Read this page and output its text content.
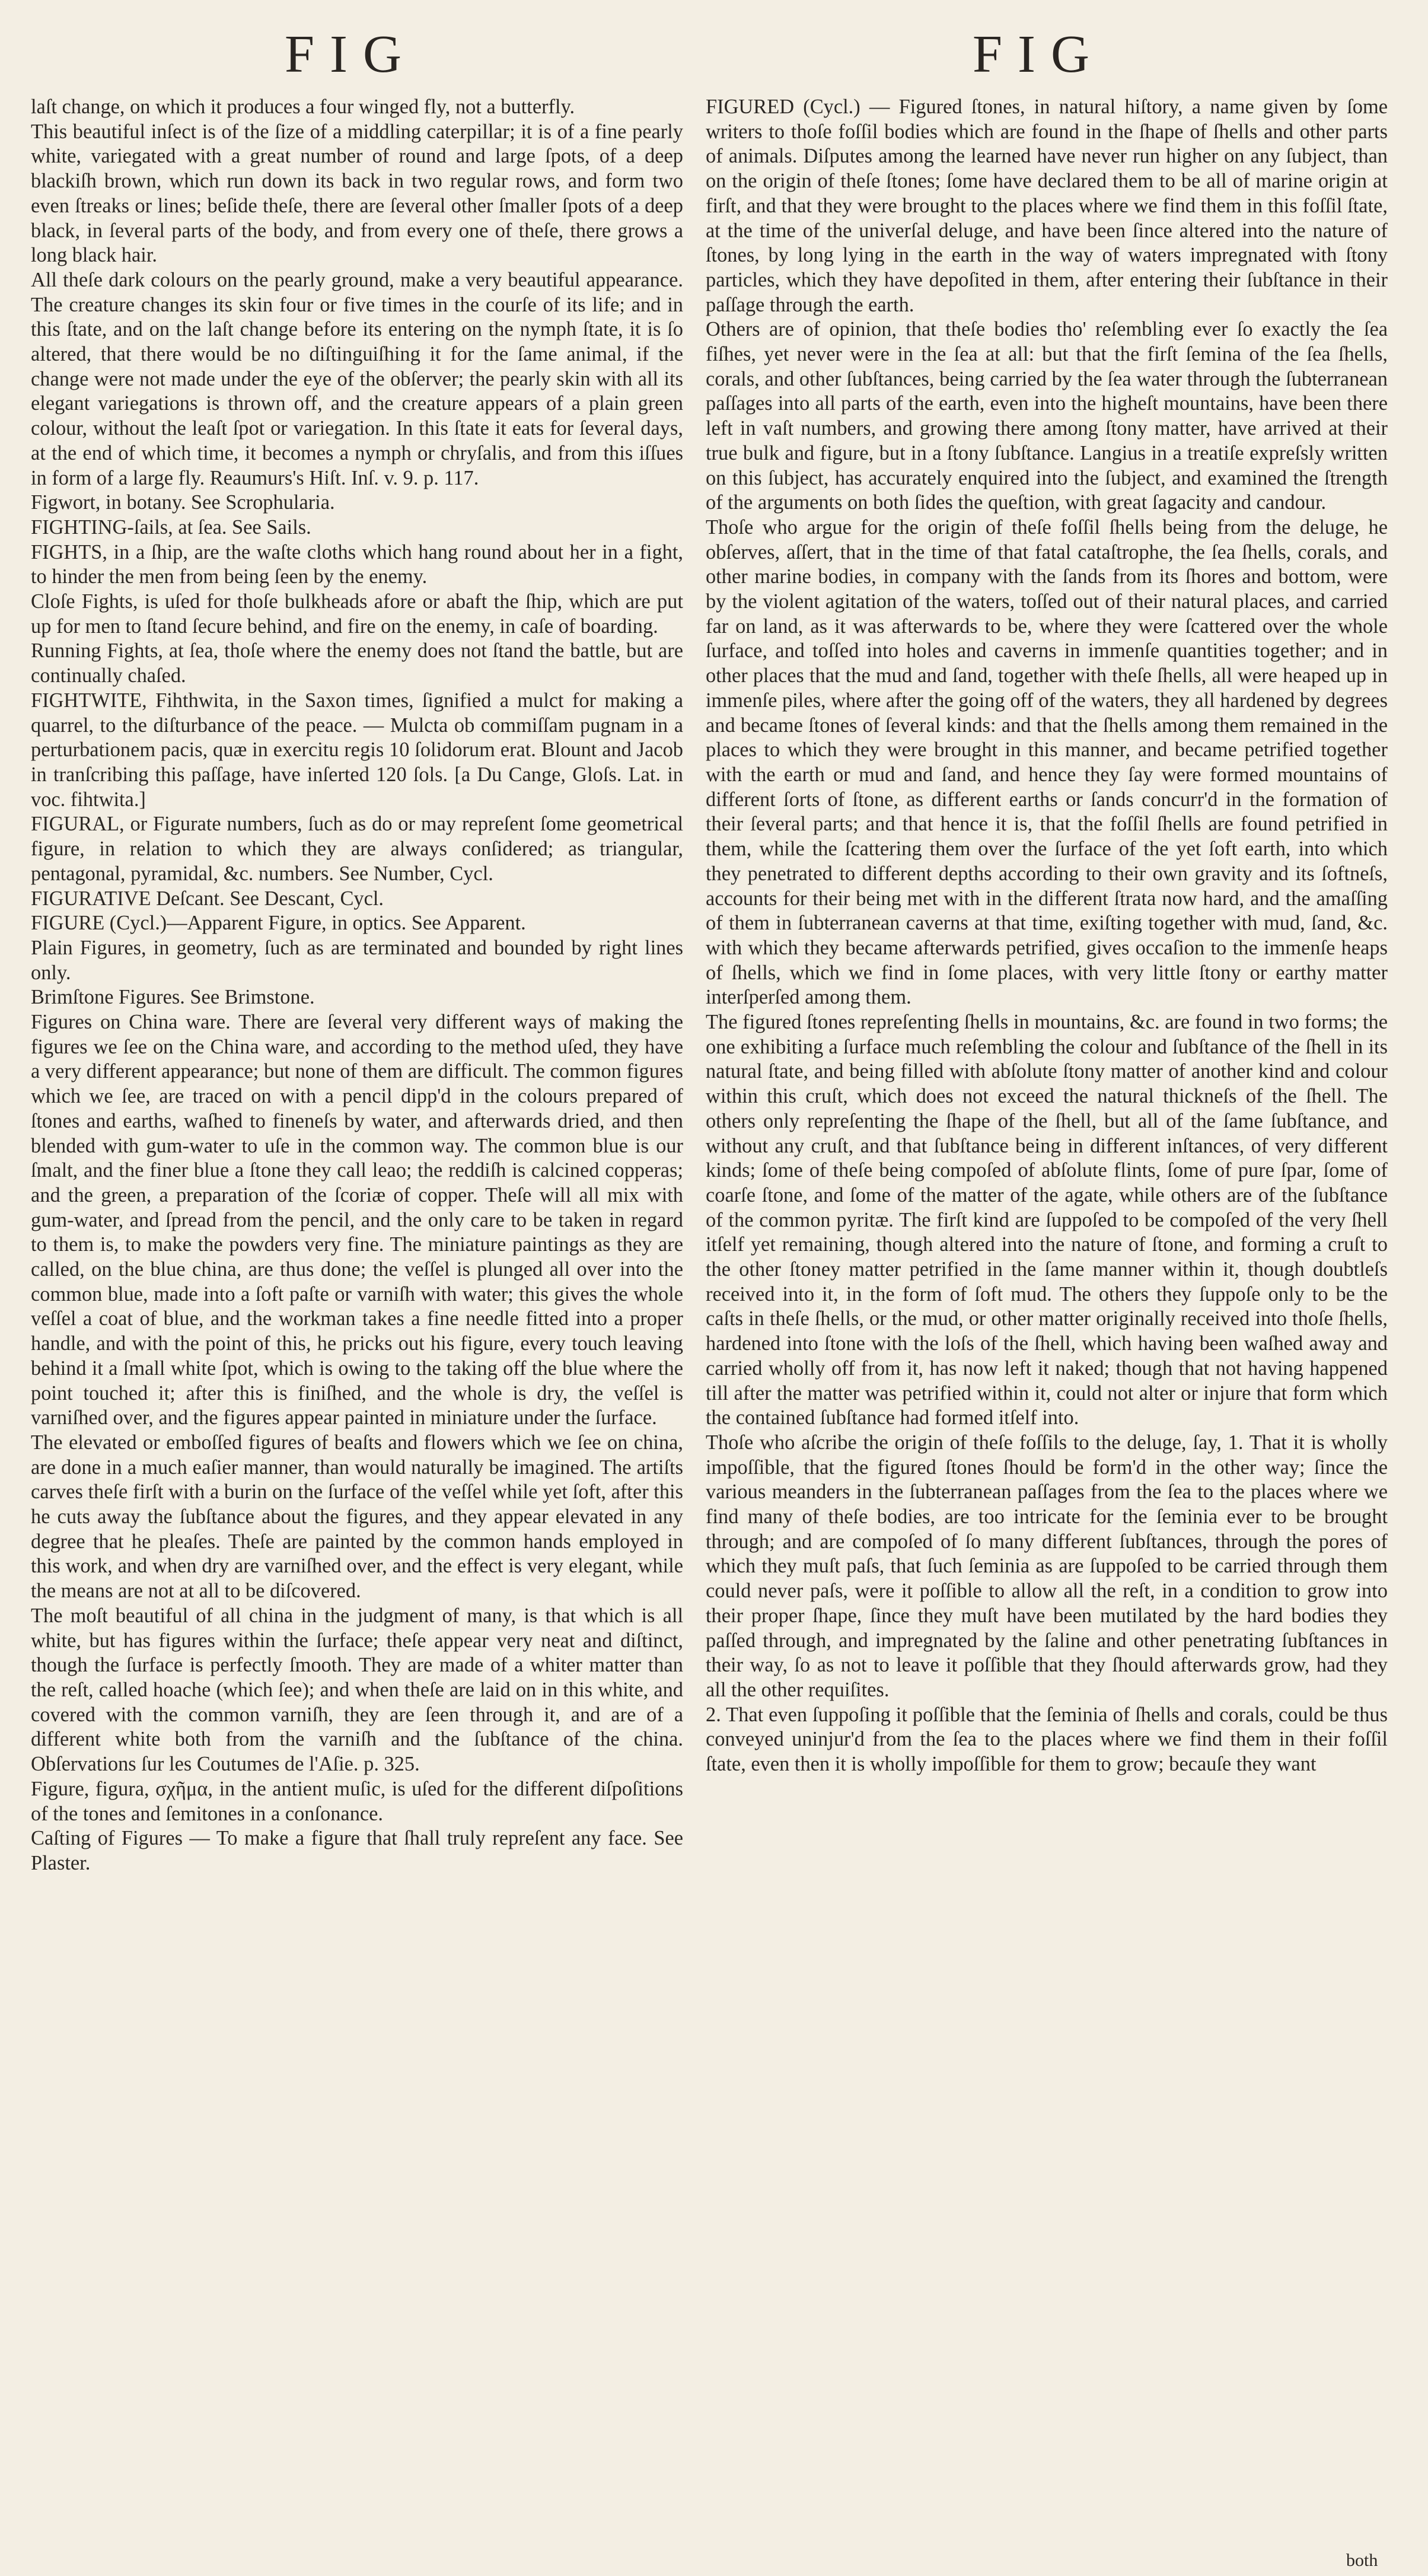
FIG	FIG

laſt change, on which it produces a four winged fly, not a butterfly.

This beautiful inſect is of the ſize of a middling caterpillar; it is of a fine pearly white, variegated with a great number of round and large ſpots, of a deep blackiſh brown, which run down its back in two regular rows, and form two even ſtreaks or lines; beſide theſe, there are ſeveral other ſmaller ſpots of a deep black, in ſeveral parts of the body, and from every one of theſe, there grows a long black hair.

All theſe dark colours on the pearly ground, make a very beautiful appearance. The creature changes its skin four or five times in the courſe of its life; and in this ſtate, and on the laſt change before its entering on the nymph ſtate, it is ſo altered, that there would be no diſtinguiſhing it for the ſame animal, if the change were not made under the eye of the obſerver; the pearly skin with all its elegant variegations is thrown off, and the creature appears of a plain green colour, without the leaſt ſpot or variegation. In this ſtate it eats for ſeveral days, at the end of which time, it becomes a nymph or chryſalis, and from this iſſues in form of a large fly. Reaumurs's Hiſt. Inſ. v. 9. p. 117.

Figwort, in botany. See Scrophularia.

FIGHTING-ſails, at ſea. See Sails.

FIGHTS, in a ſhip, are the waſte cloths which hang round about her in a fight, to hinder the men from being ſeen by the enemy.

Cloſe Fights, is uſed for thoſe bulkheads afore or abaft the ſhip, which are put up for men to ſtand ſecure behind, and fire on the enemy, in caſe of boarding.

Running Fights, at ſea, thoſe where the enemy does not ſtand the battle, but are continually chaſed.

FIGHTWITE, Fihthwita, in the Saxon times, ſignified a mulct for making a quarrel, to the diſturbance of the peace. — Mulcta ob commiſſam pugnam in a perturbationem pacis, quæ in exercitu regis 10 ſolidorum erat. Blount and Jacob in tranſcribing this paſſage, have inſerted 120 ſols. [a Du Cange, Gloſs. Lat. in voc. fihtwita.]

FIGURAL, or Figurate numbers, ſuch as do or may repreſent ſome geometrical figure, in relation to which they are always conſidered; as triangular, pentagonal, pyramidal, &c. numbers. See Number, Cycl.

FIGURATIVE Deſcant. See Descant, Cycl.

FIGURE (Cycl.)—Apparent Figure, in optics. See Apparent.

Plain Figures, in geometry, ſuch as are terminated and bounded by right lines only.

Brimſtone Figures. See Brimstone.

Figures on China ware. There are ſeveral very different ways of making the figures we ſee on the China ware, and according to the method uſed, they have a very different appearance; but none of them are difficult. The common figures which we ſee, are traced on with a pencil dipp'd in the colours prepared of ſtones and earths, waſhed to fineneſs by water, and afterwards dried, and then blended with gum-water to uſe in the common way. The common blue is our ſmalt, and the finer blue a ſtone they call leao; the reddiſh is calcined copperas; and the green, a preparation of the ſcoriæ of copper. Theſe will all mix with gum-water, and ſpread from the pencil, and the only care to be taken in regard to them is, to make the powders very fine. The miniature paintings as they are called, on the blue china, are thus done; the veſſel is plunged all over into the common blue, made into a ſoft paſte or varniſh with water; this gives the whole veſſel a coat of blue, and the workman takes a fine needle fitted into a proper handle, and with the point of this, he pricks out his figure, every touch leaving behind it a ſmall white ſpot, which is owing to the taking off the blue where the point touched it; after this is finiſhed, and the whole is dry, the veſſel is varniſhed over, and the figures appear painted in miniature under the ſurface.

The elevated or emboſſed figures of beaſts and flowers which we ſee on china, are done in a much eaſier manner, than would naturally be imagined. The artiſts carves theſe firſt with a burin on the ſurface of the veſſel while yet ſoft, after this he cuts away the ſubſtance about the figures, and they appear elevated in any degree that he pleaſes. Theſe are painted by the common hands employed in this work, and when dry are varniſhed over, and the effect is very elegant, while the means are not at all to be diſcovered.

The moſt beautiful of all china in the judgment of many, is that which is all white, but has figures within the ſurface; theſe appear very neat and diſtinct, though the ſurface is perfectly ſmooth. They are made of a whiter matter than the reſt, called hoache (which ſee); and when theſe are laid on in this white, and covered with the common varniſh, they are ſeen through it, and are of a different white both from the varniſh and the ſubſtance of the china. Obſervations ſur les Coutumes de l'Aſie. p. 325.

Figure, figura, σχῆμα, in the antient muſic, is uſed for the different diſpoſitions of the tones and ſemitones in a conſonance.

Caſting of Figures — To make a figure that ſhall truly repreſent any face. See Plaster.

FIGURED (Cycl.) — Figured ſtones, in natural hiſtory, a name given by ſome writers to thoſe foſſil bodies which are found in the ſhape of ſhells and other parts of animals. Diſputes among the learned have never run higher on any ſubject, than on the origin of theſe ſtones; ſome have declared them to be all of marine origin at firſt, and that they were brought to the places where we find them in this foſſil ſtate, at the time of the univerſal deluge, and have been ſince altered into the nature of ſtones, by long lying in the earth in the way of waters impregnated with ſtony particles, which they have depoſited in them, after entering their ſubſtance in their paſſage through the earth.

Others are of opinion, that theſe bodies tho' reſembling ever ſo exactly the ſea fiſhes, yet never were in the ſea at all: but that the firſt ſemina of the ſea ſhells, corals, and other ſubſtances, being carried by the ſea water through the ſubterranean paſſages into all parts of the earth, even into the higheſt mountains, have been there left in vaſt numbers, and growing there among ſtony matter, have arrived at their true bulk and figure, but in a ſtony ſubſtance. Langius in a treatiſe expreſsly written on this ſubject, has accurately enquired into the ſubject, and examined the ſtrength of the arguments on both ſides the queſtion, with great ſagacity and candour.

Thoſe who argue for the origin of theſe foſſil ſhells being from the deluge, he obſerves, aſſert, that in the time of that fatal cataſtrophe, the ſea ſhells, corals, and other marine bodies, in company with the ſands from its ſhores and bottom, were by the violent agitation of the waters, toſſed out of their natural places, and carried far on land, as it was afterwards to be, where they were ſcattered over the whole ſurface, and toſſed into holes and caverns in immenſe quantities together; and in other places that the mud and ſand, together with theſe ſhells, all were heaped up in immenſe piles, where after the going off of the waters, they all hardened by degrees and became ſtones of ſeveral kinds: and that the ſhells among them remained in the places to which they were brought in this manner, and became petrified together with the earth or mud and ſand, and hence they ſay were formed mountains of different ſorts of ſtone, as different earths or ſands concurr'd in the formation of their ſeveral parts; and that hence it is, that the foſſil ſhells are found petrified in them, while the ſcattering them over the ſurface of the yet ſoft earth, into which they penetrated to different depths according to their own gravity and its ſoftneſs, accounts for their being met with in the different ſtrata now hard, and the amaſſing of them in ſubterranean caverns at that time, exiſting together with mud, ſand, &c. with which they became afterwards petrified, gives occaſion to the immenſe heaps of ſhells, which we find in ſome places, with very little ſtony or earthy matter interſperſed among them.

The figured ſtones repreſenting ſhells in mountains, &c. are found in two forms; the one exhibiting a ſurface much reſembling the colour and ſubſtance of the ſhell in its natural ſtate, and being filled with abſolute ſtony matter of another kind and colour within this cruſt, which does not exceed the natural thickneſs of the ſhell. The others only repreſenting the ſhape of the ſhell, but all of the ſame ſubſtance, and without any cruſt, and that ſubſtance being in different inſtances, of very different kinds; ſome of theſe being compoſed of abſolute flints, ſome of pure ſpar, ſome of coarſe ſtone, and ſome of the matter of the agate, while others are of the ſubſtance of the common pyritæ. The firſt kind are ſuppoſed to be compoſed of the very ſhell itſelf yet remaining, though altered into the nature of ſtone, and forming a cruſt to the other ſtoney matter petrified in the ſame manner within it, though doubtleſs received into it, in the form of ſoft mud. The others they ſuppoſe only to be the caſts in theſe ſhells, or the mud, or other matter originally received into thoſe ſhells, hardened into ſtone with the loſs of the ſhell, which having been waſhed away and carried wholly off from it, has now left it naked; though that not having happened till after the matter was petrified within it, could not alter or injure that form which the contained ſubſtance had formed itſelf into.

Thoſe who aſcribe the origin of theſe foſſils to the deluge, ſay, 1. That it is wholly impoſſible, that the figured ſtones ſhould be form'd in the other way; ſince the various meanders in the ſubterranean paſſages from the ſea to the places where we find many of theſe bodies, are too intricate for the ſeminia ever to be brought through; and are compoſed of ſo many different ſubſtances, through the pores of which they muſt paſs, that ſuch ſeminia as are ſuppoſed to be carried through them could never paſs, were it poſſible to allow all the reſt, in a condition to grow into their proper ſhape, ſince they muſt have been mutilated by the hard bodies they paſſed through, and impregnated by the ſaline and other penetrating ſubſtances in their way, ſo as not to leave it poſſible that they ſhould afterwards grow, had they all the other requiſites.

2. That even ſuppoſing it poſſible that the ſeminia of ſhells and corals, could be thus conveyed uninjur'd from the ſea to the places where we find them in their foſſil ſtate, even then it is wholly impoſſible for them to grow; becauſe they want

both
